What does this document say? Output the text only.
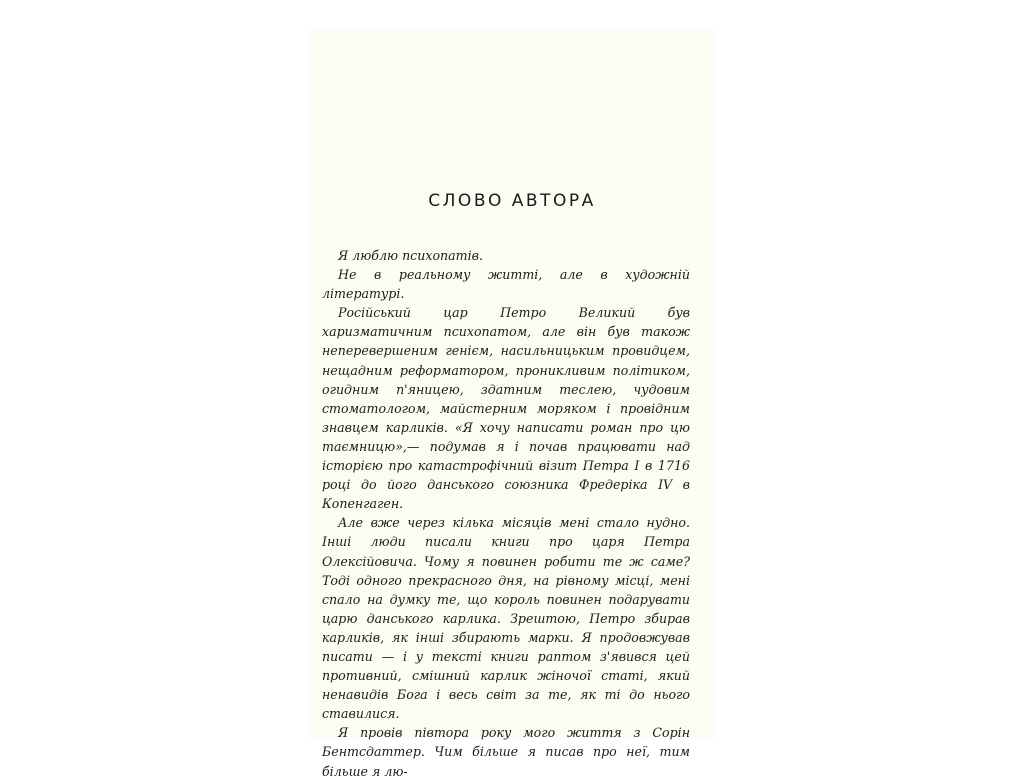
СЛОВО АВТОРА

Я люблю психопатів.

Не в реальному житті, але в художній літературі.

Російський цар Петро Великий був харизматичним психопатом, але він був також неперевершеним генієм, насильницьким провидцем, нещадним реформатором, проникливим політиком, огидним п'яницею, здатним теслею, чудовим стоматологом, майстерним моряком і провідним знавцем карликів. «Я хочу написати роман про цю таємницю»,— подумав я і почав працювати над історією про катастрофічний візит Петра І в 1716 році до його данського союзника Фредеріка IV в Копенгаген.

Але вже через кілька місяців мені стало нудно. Інші люди писали книги про царя Петра Олексійовича. Чому я повинен робити те ж саме? Тоді одного прекрасного дня, на рівному місці, мені спало на думку те, що король повинен подарувати царю данського карлика. Зрештою, Петро збирав карликів, як інші збирають марки. Я продовжував писати — і у тексті книги раптом з'явився цей противний, смішний карлик жіночої статі, який ненавидів Бога і весь світ за те, як ті до нього ставилися.

Я провів півтора року мого життя з Сорін Бентсдаттер. Чим більше я писав про неї, тим більше я лю-
